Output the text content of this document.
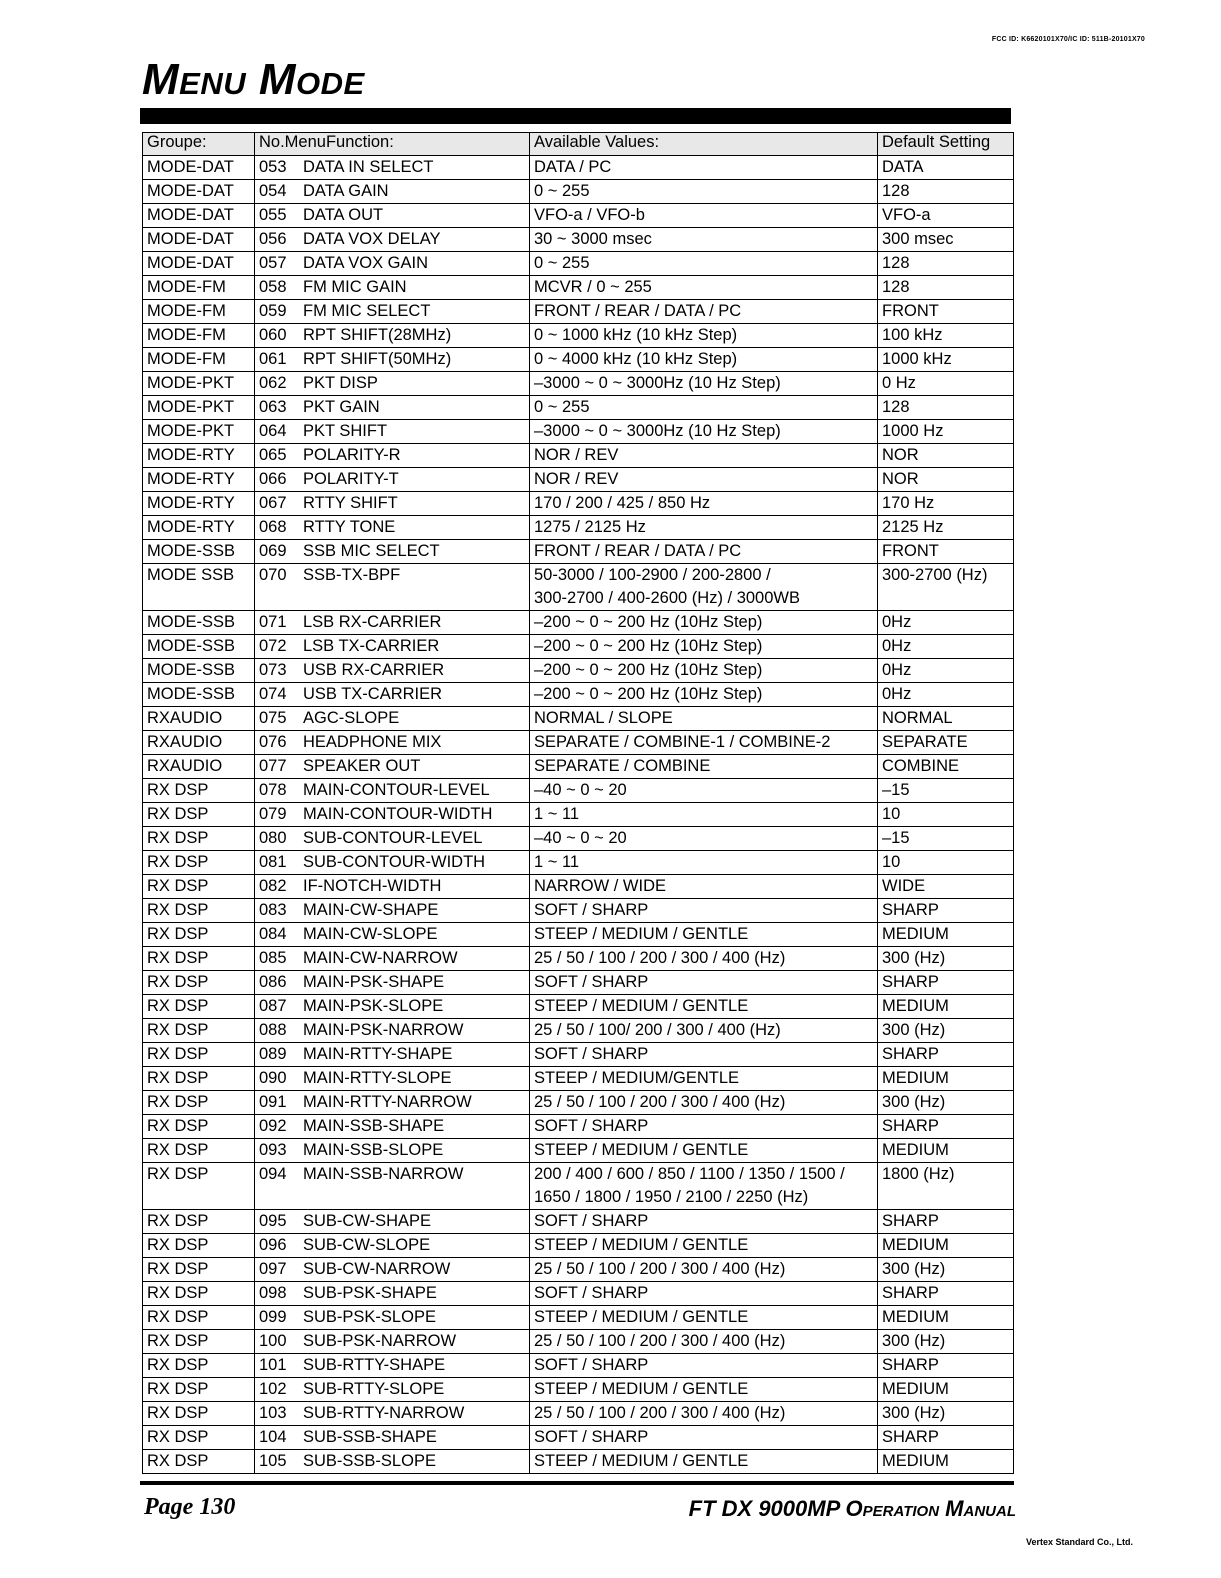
FCC ID: K6620101X70/IC ID: 511B-20101X70
Menu Mode
Groupe:	No.MenuFunction:	Available Values:	Default Setting
MODE-DAT	053 DATA IN SELECT	DATA / PC	DATA
MODE-DAT	054 DATA GAIN	0 ~ 255	128
MODE-DAT	055 DATA OUT	VFO-a / VFO-b	VFO-a
MODE-DAT	056 DATA VOX DELAY	30 ~ 3000 msec	300 msec
MODE-DAT	057 DATA VOX GAIN	0 ~ 255	128
MODE-FM	058 FM MIC GAIN	MCVR / 0 ~ 255	128
MODE-FM	059 FM MIC SELECT	FRONT / REAR / DATA / PC	FRONT
MODE-FM	060 RPT SHIFT(28MHz)	0 ~ 1000 kHz (10 kHz Step)	100 kHz
MODE-FM	061 RPT SHIFT(50MHz)	0 ~ 4000 kHz (10 kHz Step)	1000 kHz
MODE-PKT	062 PKT DISP	–3000 ~ 0 ~ 3000Hz (10 Hz Step)	0 Hz
MODE-PKT	063 PKT GAIN	0 ~ 255	128
MODE-PKT	064 PKT SHIFT	–3000 ~ 0 ~ 3000Hz (10 Hz Step)	1000 Hz
MODE-RTY	065 POLARITY-R	NOR / REV	NOR
MODE-RTY	066 POLARITY-T	NOR / REV	NOR
MODE-RTY	067 RTTY SHIFT	170 / 200 / 425 / 850 Hz	170 Hz
MODE-RTY	068 RTTY TONE	1275 / 2125 Hz	2125 Hz
MODE-SSB	069 SSB MIC SELECT	FRONT / REAR / DATA / PC	FRONT
MODE SSB	070 SSB-TX-BPF	50-3000 / 100-2900 / 200-2800 /
300-2700 / 400-2600 (Hz) / 3000WB	300-2700 (Hz)
MODE-SSB	071 LSB RX-CARRIER	–200 ~ 0 ~ 200 Hz (10Hz Step)	0Hz
MODE-SSB	072 LSB TX-CARRIER	–200 ~ 0 ~ 200 Hz (10Hz Step)	0Hz
MODE-SSB	073 USB RX-CARRIER	–200 ~ 0 ~ 200 Hz (10Hz Step)	0Hz
MODE-SSB	074 USB TX-CARRIER	–200 ~ 0 ~ 200 Hz (10Hz Step)	0Hz
RXAUDIO	075 AGC-SLOPE	NORMAL / SLOPE	NORMAL
RXAUDIO	076 HEADPHONE MIX	SEPARATE / COMBINE-1 / COMBINE-2	SEPARATE
RXAUDIO	077 SPEAKER OUT	SEPARATE / COMBINE	COMBINE
RX DSP	078 MAIN-CONTOUR-LEVEL	–40 ~ 0 ~ 20	–15
RX DSP	079 MAIN-CONTOUR-WIDTH	1 ~ 11	10
RX DSP	080 SUB-CONTOUR-LEVEL	–40 ~ 0 ~ 20	–15
RX DSP	081 SUB-CONTOUR-WIDTH	1 ~ 11	10
RX DSP	082 IF-NOTCH-WIDTH	NARROW / WIDE	WIDE
RX DSP	083 MAIN-CW-SHAPE	SOFT / SHARP	SHARP
RX DSP	084 MAIN-CW-SLOPE	STEEP / MEDIUM / GENTLE	MEDIUM
RX DSP	085 MAIN-CW-NARROW	25 / 50 / 100 / 200 / 300 / 400 (Hz)	300 (Hz)
RX DSP	086 MAIN-PSK-SHAPE	SOFT / SHARP	SHARP
RX DSP	087 MAIN-PSK-SLOPE	STEEP / MEDIUM / GENTLE	MEDIUM
RX DSP	088 MAIN-PSK-NARROW	25 / 50 / 100/ 200 / 300 / 400 (Hz)	300 (Hz)
RX DSP	089 MAIN-RTTY-SHAPE	SOFT / SHARP	SHARP
RX DSP	090 MAIN-RTTY-SLOPE	STEEP / MEDIUM/GENTLE	MEDIUM
RX DSP	091 MAIN-RTTY-NARROW	25 / 50 / 100 / 200 / 300 / 400 (Hz)	300 (Hz)
RX DSP	092 MAIN-SSB-SHAPE	SOFT / SHARP	SHARP
RX DSP	093 MAIN-SSB-SLOPE	STEEP / MEDIUM / GENTLE	MEDIUM
RX DSP	094 MAIN-SSB-NARROW	200 / 400 / 600 / 850 / 1100 / 1350 / 1500 /
1650 / 1800 / 1950 / 2100 / 2250 (Hz)	1800 (Hz)
RX DSP	095 SUB-CW-SHAPE	SOFT / SHARP	SHARP
RX DSP	096 SUB-CW-SLOPE	STEEP / MEDIUM / GENTLE	MEDIUM
RX DSP	097 SUB-CW-NARROW	25 / 50 / 100 / 200 / 300 / 400 (Hz)	300 (Hz)
RX DSP	098 SUB-PSK-SHAPE	SOFT / SHARP	SHARP
RX DSP	099 SUB-PSK-SLOPE	STEEP / MEDIUM / GENTLE	MEDIUM
RX DSP	100 SUB-PSK-NARROW	25 / 50 / 100 / 200 / 300 / 400 (Hz)	300 (Hz)
RX DSP	101 SUB-RTTY-SHAPE	SOFT / SHARP	SHARP
RX DSP	102 SUB-RTTY-SLOPE	STEEP / MEDIUM / GENTLE	MEDIUM
RX DSP	103 SUB-RTTY-NARROW	25 / 50 / 100 / 200 / 300 / 400 (Hz)	300 (Hz)
RX DSP	104 SUB-SSB-SHAPE	SOFT / SHARP	SHARP
RX DSP	105 SUB-SSB-SLOPE	STEEP / MEDIUM / GENTLE	MEDIUM
Page 130	FT DX 9000MP Operation Manual
Vertex Standard Co., Ltd.
